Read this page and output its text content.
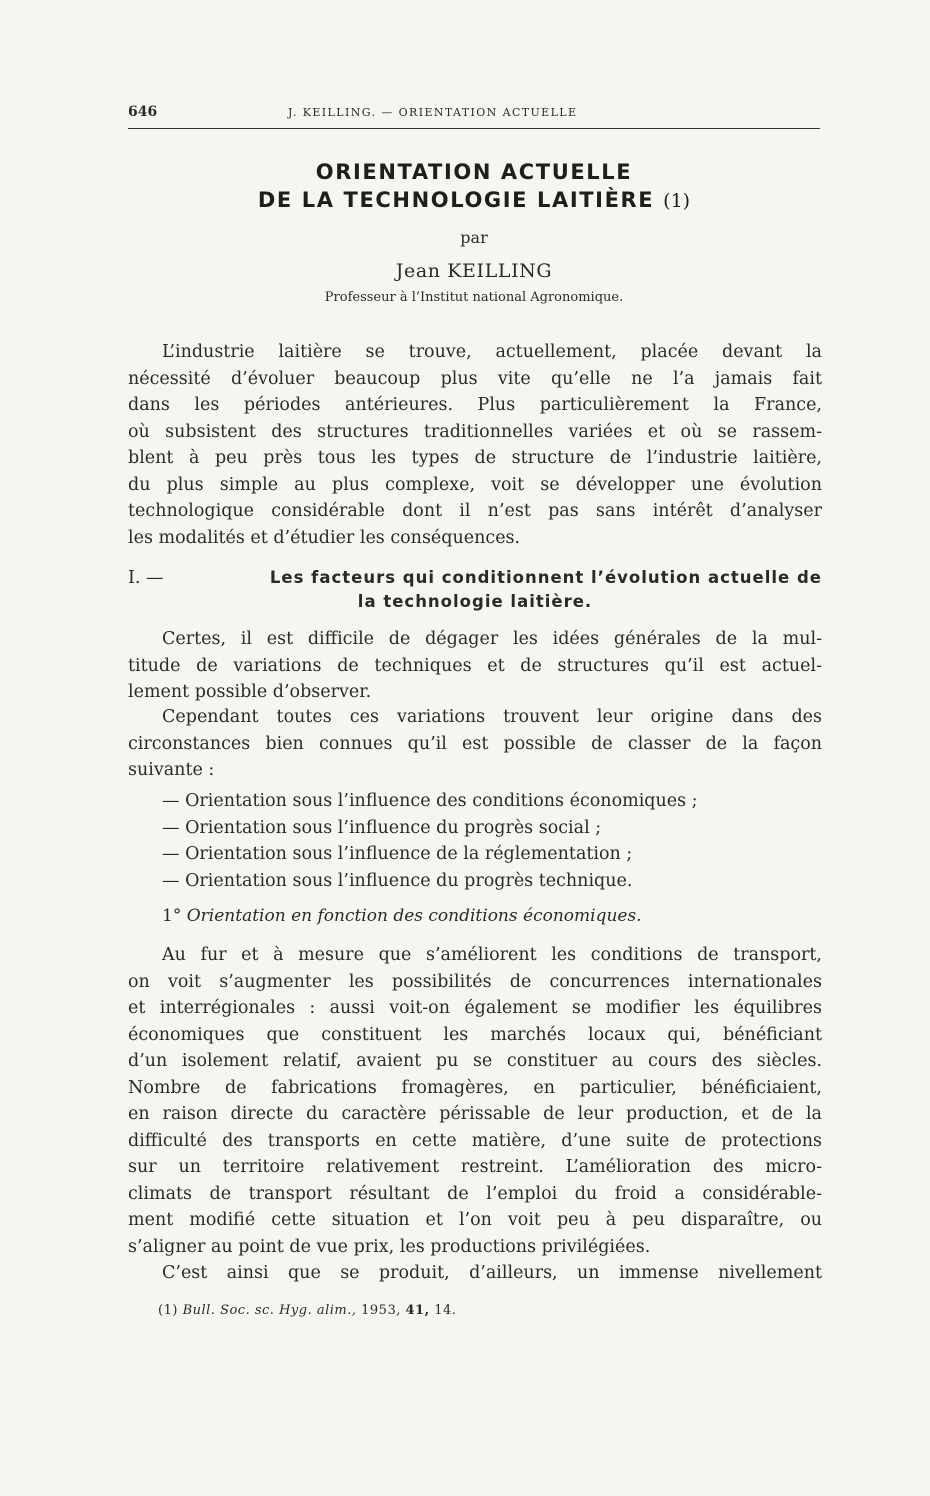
646	J. KEILLING. — ORIENTATION ACTUELLE
ORIENTATION ACTUELLE
DE LA TECHNOLOGIE LAITIÈRE (1)
par
Jean KEILLING
Professeur à l’Institut national Agronomique.
L’industrie laitière se trouve, actuellement, placée devant la
nécessité d’évoluer beaucoup plus vite qu’elle ne l’a jamais fait
dans les périodes antérieures. Plus particulièrement la France,
où subsistent des structures traditionnelles variées et où se rassem-
blent à peu près tous les types de structure de l’industrie laitière,
du plus simple au plus complexe, voit se développer une évolution
technologique considérable dont il n’est pas sans intérêt d’analyser
les modalités et d’étudier les conséquences.
I. —	Les facteurs qui conditionnent l’évolution actuelle de
la technologie laitière.
Certes, il est difficile de dégager les idées générales de la mul-
titude de variations de techniques et de structures qu’il est actuel-
lement possible d’observer.
Cependant toutes ces variations trouvent leur origine dans des
circonstances bien connues qu’il est possible de classer de la façon
suivante :
— Orientation sous l’influence des conditions économiques ;
— Orientation sous l’influence du progrès social ;
— Orientation sous l’influence de la réglementation ;
— Orientation sous l’influence du progrès technique.
1° Orientation en fonction des conditions économiques.
Au fur et à mesure que s’améliorent les conditions de transport,
on voit s’augmenter les possibilités de concurrences internationales
et interrégionales : aussi voit-on également se modifier les équilibres
économiques que constituent les marchés locaux qui, bénéficiant
d’un isolement relatif, avaient pu se constituer au cours des siècles.
Nombre de fabrications fromagères, en particulier, bénéficiaient,
en raison directe du caractère périssable de leur production, et de la
difficulté des transports en cette matière, d’une suite de protections
sur un territoire relativement restreint. L’amélioration des micro-
climats de transport résultant de l’emploi du froid a considérable-
ment modifié cette situation et l’on voit peu à peu disparaître, ou
s’aligner au point de vue prix, les productions privilégiées.
C’est ainsi que se produit, d’ailleurs, un immense nivellement
(1) Bull. Soc. sc. Hyg. alim., 1953, 41, 14.
